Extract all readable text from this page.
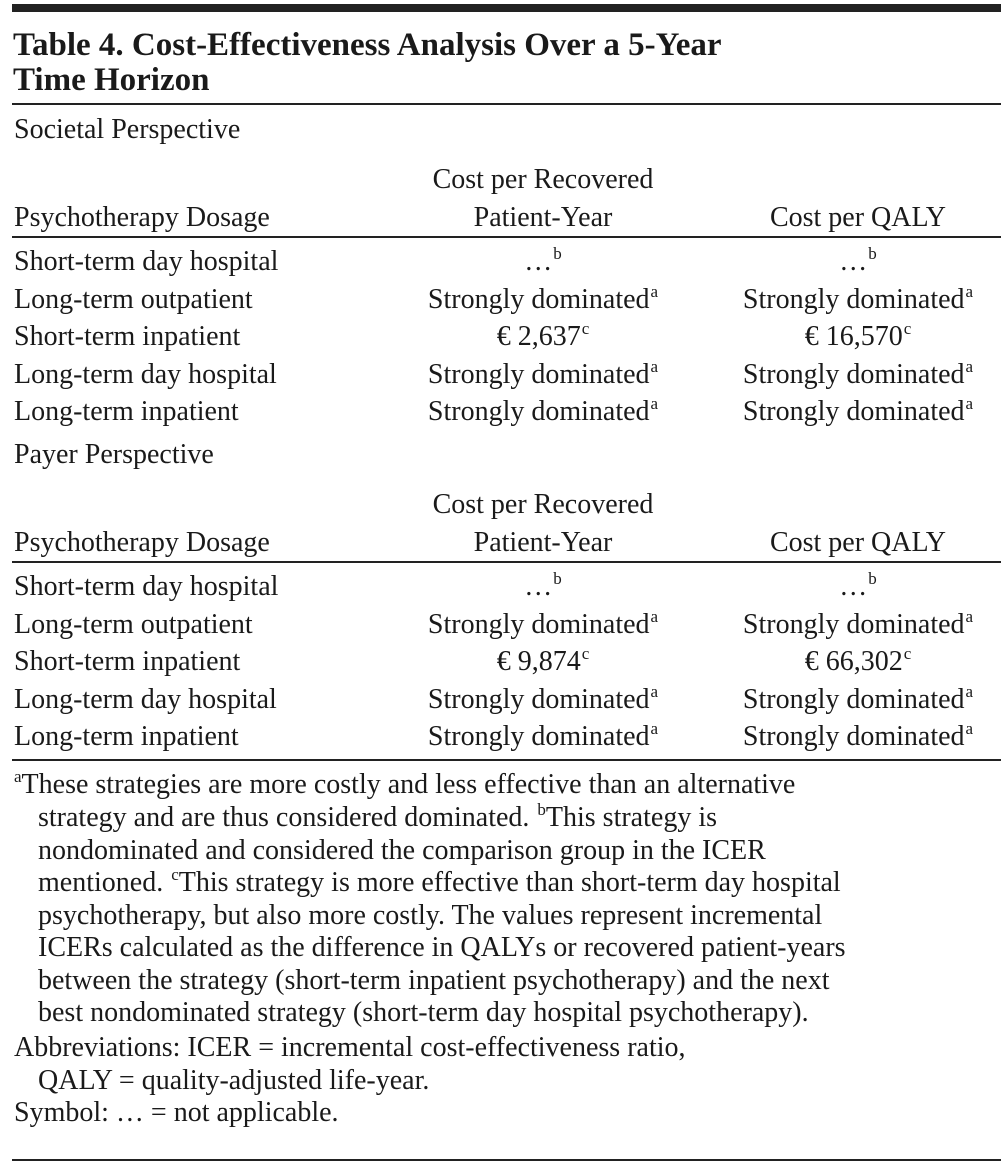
Table 4. Cost-Effectiveness Analysis Over a 5-Year
Time Horizon
Societal Perspective
Cost per Recovered
Psychotherapy Dosage	Patient-Year	Cost per QALY
Short-term day hospital	…$^b$	…$^b$
Long-term outpatient	Strongly dominated$^a$	Strongly dominated$^a$
Short-term inpatient	€ 2,637$^c$	€ 16,570$^c$
Long-term day hospital	Strongly dominated$^a$	Strongly dominated$^a$
Long-term inpatient	Strongly dominated$^a$	Strongly dominated$^a$
Payer Perspective
Cost per Recovered
Psychotherapy Dosage	Patient-Year	Cost per QALY
Short-term day hospital	…$^b$	…$^b$
Long-term outpatient	Strongly dominated$^a$	Strongly dominated$^a$
Short-term inpatient	€ 9,874$^c$	€ 66,302$^c$
Long-term day hospital	Strongly dominated$^a$	Strongly dominated$^a$
Long-term inpatient	Strongly dominated$^a$	Strongly dominated$^a$
$^a$These strategies are more costly and less effective than an alternative
strategy and are thus considered dominated. $^b$This strategy is
nondominated and considered the comparison group in the ICER
mentioned. $^c$This strategy is more effective than short-term day hospital
psychotherapy, but also more costly. The values represent incremental
ICERs calculated as the difference in QALYs or recovered patient-years
between the strategy (short-term inpatient psychotherapy) and the next
best nondominated strategy (short-term day hospital psychotherapy).
Abbreviations: ICER = incremental cost-effectiveness ratio,
QALY = quality-adjusted life-year.
Symbol: … = not applicable.
